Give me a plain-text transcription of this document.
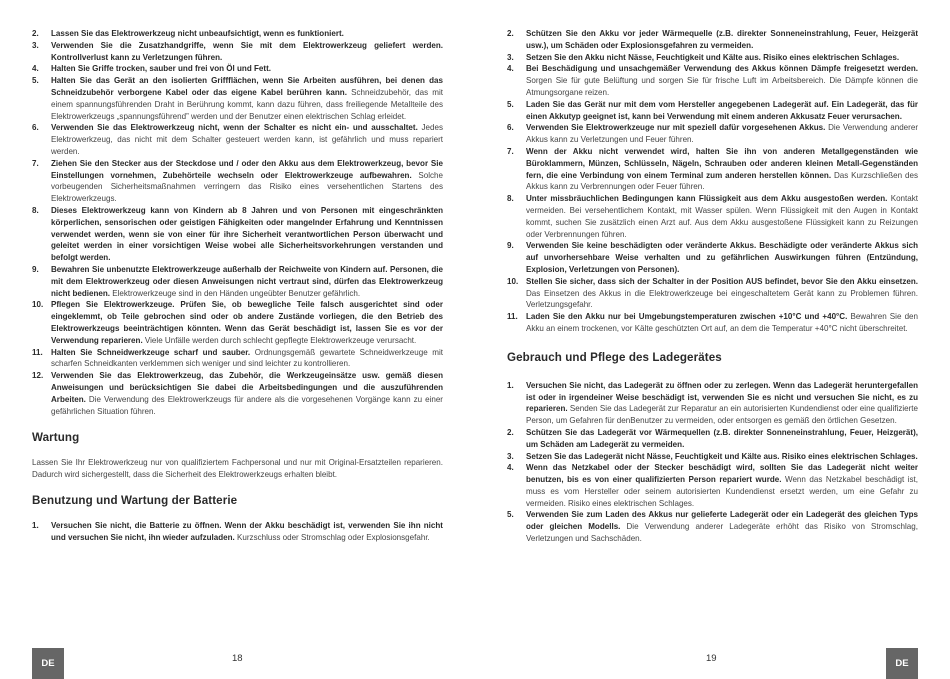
2. Lassen Sie das Elektrowerkzeug nicht unbeaufsichtigt, wenn es funktioniert.
3. Verwenden Sie die Zusatzhandgriffe, wenn Sie mit dem Elektrowerkzeug geliefert werden. Kontrollverlust kann zu Verletzungen führen.
4. Halten Sie Griffe trocken, sauber und frei von Öl und Fett.
5. Halten Sie das Gerät an den isolierten Griffflächen, wenn Sie Arbeiten ausführen, bei denen das Schneidzubehör verborgene Kabel oder das eigene Kabel berühren kann. Schneidzubehör, das mit einem spannungsführenden Draht in Berührung kommt, kann dazu führen, dass freiliegende Metallteile des Elektrowerkzeugs „spannungsführend” werden und der Benutzer einen elektrischen Schlag erleidet.
6. Verwenden Sie das Elektrowerkzeug nicht, wenn der Schalter es nicht ein- und ausschaltet. Jedes Elektrowerkzeug, das nicht mit dem Schalter gesteuert werden kann, ist gefährlich und muss repariert werden.
7. Ziehen Sie den Stecker aus der Steckdose und / oder den Akku aus dem Elektrowerkzeug, bevor Sie Einstellungen vornehmen, Zubehörteile wechseln oder Elektrowerkzeuge aufbewahren. Solche vorbeugenden Sicherheitsmaßnahmen verringern das Risiko eines versehentlichen Startens des Elektrowerkzeugs.
8. Dieses Elektrowerkzeug kann von Kindern ab 8 Jahren und von Personen mit eingeschränkten körperlichen, sensorischen oder geistigen Fähigkeiten oder mangelnder Erfahrung und Kenntnissen verwendet werden, wenn sie von einer für ihre Sicherheit verantwortlichen Person überwacht und geleitet werden in einer vorsichtigen Weise wobei alle Sicherheitsvorkehrungen verstanden und befolgt werden.
9. Bewahren Sie unbenutzte Elektrowerkzeuge außerhalb der Reichweite von Kindern auf. Personen, die mit dem Elektrowerkzeug oder diesen Anweisungen nicht vertraut sind, dürfen das Elektrowerkzeug nicht bedienen. Elektrowerkzeuge sind in den Händen ungeübter Benutzer gefährlich.
10. Pflegen Sie Elektrowerkzeuge. Prüfen Sie, ob bewegliche Teile falsch ausgerichtet sind oder eingeklemmt, ob Teile gebrochen sind oder ob andere Zustände vorliegen, die den Betrieb des Elektrowerkzeugs beeinträchtigen könnten. Wenn das Gerät beschädigt ist, lassen Sie es vor der Verwendung reparieren. Viele Unfälle werden durch schlecht gepflegte Elektrowerkzeuge verursacht.
11. Halten Sie Schneidwerkzeuge scharf und sauber. Ordnungsgemäß gewartete Schneidwerkzeuge mit scharfen Schneidkanten verklemmen sich weniger und sind leichter zu kontrollieren.
12. Verwenden Sie das Elektrowerkzeug, das Zubehör, die Werkzeugeinsätze usw. gemäß diesen Anweisungen und berücksichtigen Sie dabei die Arbeitsbedingungen und die auszuführenden Arbeiten. Die Verwendung des Elektrowerkzeugs für andere als die vorgesehenen Vorgänge kann zu einer gefährlichen Situation führen.
Wartung

Lassen Sie Ihr Elektrowerkzeug nur von qualifiziertem Fachpersonal und nur mit Original-Ersatzteilen reparieren. Dadurch wird sichergestellt, dass die Sicherheit des Elektrowerkzeugs erhalten bleibt.

Benutzung und Wartung der Batterie
1. Versuchen Sie nicht, die Batterie zu öffnen. Wenn der Akku beschädigt ist, verwenden Sie ihn nicht und versuchen Sie nicht, ihn wieder aufzuladen. Kurzschluss oder Stromschlag oder Explosionsgefahr.
2. Schützen Sie den Akku vor jeder Wärmequelle (z.B. direkter Sonneneinstrahlung, Feuer, Heizgerät usw.), um Schäden oder Explosionsgefahren zu vermeiden.
3. Setzen Sie den Akku nicht Nässe, Feuchtigkeit und Kälte aus. Risiko eines elektrischen Schlages.
4. Bei Beschädigung und unsachgemäßer Verwendung des Akkus können Dämpfe freigesetzt werden. Sorgen Sie für gute Belüftung und sorgen Sie für frische Luft im Arbeitsbereich. Die Dämpfe können die Atmungsorgane reizen.
5. Laden Sie das Gerät nur mit dem vom Hersteller angegebenen Ladegerät auf. Ein Ladegerät, das für einen Akkutyp geeignet ist, kann bei Verwendung mit einem anderen Akkusatz Feuer verursachen.
6. Verwenden Sie Elektrowerkzeuge nur mit speziell dafür vorgesehenen Akkus. Die Verwendung anderer Akkus kann zu Verletzungen und Feuer führen.
7. Wenn der Akku nicht verwendet wird, halten Sie ihn von anderen Metallgegenständen wie Büroklammern, Münzen, Schlüsseln, Nägeln, Schrauben oder anderen kleinen Metall-Gegenständen fern, die eine Verbindung von einem Terminal zum anderen herstellen können. Das Kurzschließen des Akkus kann zu Verbrennungen oder Feuer führen.
8. Unter missbräuchlichen Bedingungen kann Flüssigkeit aus dem Akku ausgestoßen werden. Kontakt vermeiden. Bei versehentlichem Kontakt, mit Wasser spülen. Wenn Flüssigkeit mit den Augen in Kontakt kommt, suchen Sie zusätzlich einen Arzt auf. Aus dem Akku ausgestoßene Flüssigkeit kann zu Reizungen oder Verbrennungen führen.
9. Verwenden Sie keine beschädigten oder veränderte Akkus. Beschädigte oder veränderte Akkus sich auf unvorhersehbare Weise verhalten und zu gefährlichen Auswirkungen führen (Entzündung, Explosion, Verletzungen von Personen).
10. Stellen Sie sicher, dass sich der Schalter in der Position AUS befindet, bevor Sie den Akku einsetzen. Das Einsetzen des Akkus in die Elektrowerkzeuge bei eingeschaltetem Gerät kann zu Problemen führen. Verletzungsgefahr.
11. Laden Sie den Akku nur bei Umgebungstemperaturen zwischen +10°C und +40°C. Bewahren Sie den Akku an einem trockenen, vor Kälte geschützten Ort auf, an dem die Temperatur +40°C nicht überschreitet.
Gebrauch und Pflege des Ladegerätes
1. Versuchen Sie nicht, das Ladegerät zu öffnen oder zu zerlegen. Wenn das Ladegerät heruntergefallen ist oder in irgendeiner Weise beschädigt ist, verwenden Sie es nicht und versuchen Sie nicht, es zu reparieren. Senden Sie das Ladegerät zur Reparatur an ein autorisierten Kundendienst oder eine qualifizierte Person, um Gefahren für denBenutzer zu vermeiden, oder entsorgen es gemäß den örtlichen Gesetzen.
2. Schützen Sie das Ladegerät vor Wärmequellen (z.B. direkter Sonneneinstrahlung, Feuer, Heizgerät), um Schäden am Ladegerät zu vermeiden.
3. Setzen Sie das Ladegerät nicht Nässe, Feuchtigkeit und Kälte aus. Risiko eines elektrischen Schlages.
4. Wenn das Netzkabel oder der Stecker beschädigt wird, sollten Sie das Ladegerät nicht weiter benutzen, bis es von einer qualifizierten Person repariert wurde. Wenn das Netzkabel beschädigt ist, muss es vom Hersteller oder seinem autorisierten Kundendienst ersetzt werden, um eine Gefahr zu vermeiden. Risiko eines elektrischen Schlages.
5. Verwenden Sie zum Laden des Akkus nur gelieferte Ladegerät oder ein Ladegerät des gleichen Typs oder gleichen Modells. Die Verwendung anderer Ladegeräte erhöht das Risiko von Stromschlag, Verletzungen und Sachschäden.
DE	18	19	DE
